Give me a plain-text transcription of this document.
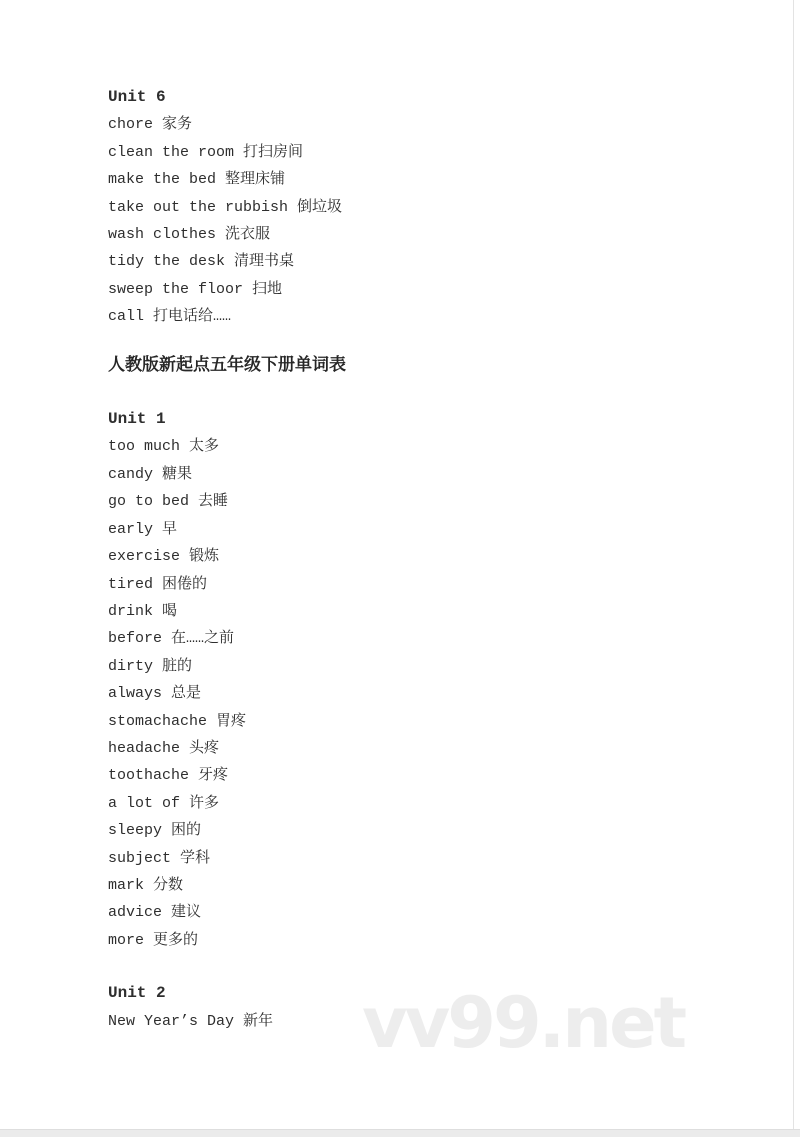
Unit 6
chore 家务
clean the room 打扫房间
make the bed 整理床铺
take out the rubbish 倒垃圾
wash clothes 洗衣服
tidy the desk 清理书桌
sweep the floor 扫地
call 打电话给……
人教版新起点五年级下册单词表
Unit 1
too much 太多
candy 糖果
go to bed 去睡
early 早
exercise 锻炼
tired 困倦的
drink 喝
before 在……之前
dirty 脏的
always 总是
stomachache 胃疼
headache 头疼
toothache 牙疼
a lot of 许多
sleepy 困的
subject 学科
mark 分数
advice 建议
more 更多的
Unit 2
New Year’s Day 新年	vv99.net
